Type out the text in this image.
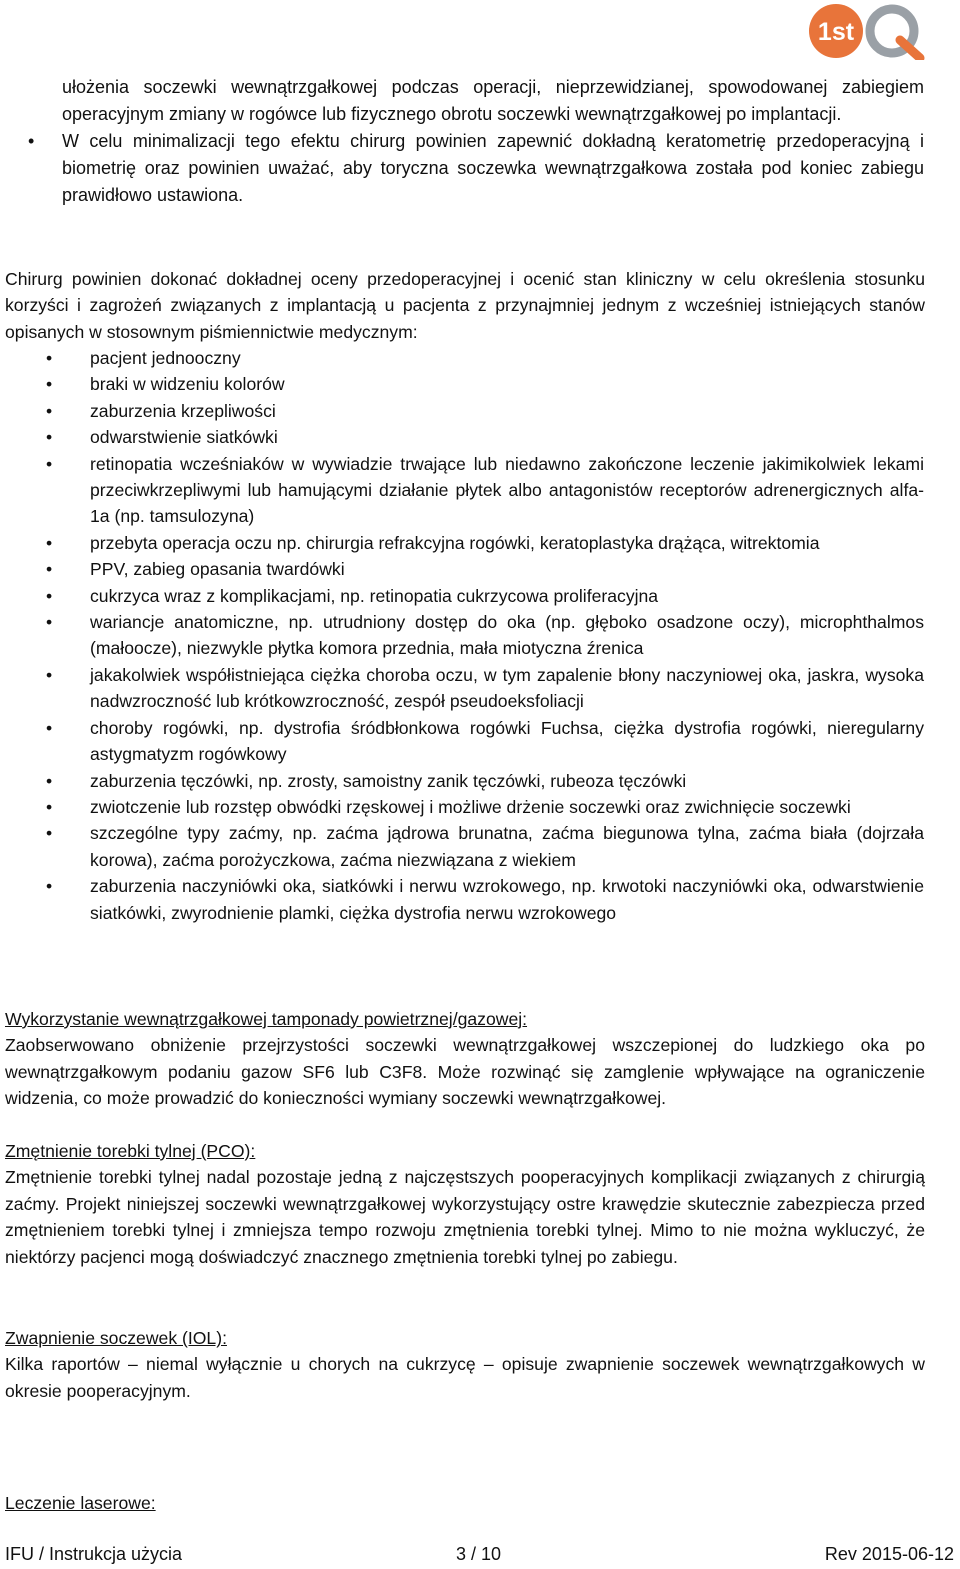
1st
ułożenia soczewki wewnątrzgałkowej podczas operacji, nieprzewidzianej, spowodowanej zabiegiem operacyjnym zmiany w rogówce lub fizycznego obrotu soczewki wewnątrzgałkowej po implantacji.
• W celu minimalizacji tego efektu chirurg powinien zapewnić dokładną keratometrię przedoperacyjną i biometrię oraz powinien uważać, aby toryczna soczewka wewnątrzgałkowa została pod koniec zabiegu prawidłowo ustawiona.
Chirurg powinien dokonać dokładnej oceny przedoperacyjnej i ocenić stan kliniczny w celu określenia stosunku korzyści i zagrożeń związanych z implantacją u pacjenta z przynajmniej jednym z wcześniej istniejących stanów opisanych w stosownym piśmiennictwie medycznym:
• pacjent jednooczny
• braki w widzeniu kolorów
• zaburzenia krzepliwości
• odwarstwienie siatkówki
• retinopatia wcześniaków w wywiadzie trwające lub niedawno zakończone leczenie jakimikolwiek lekami przeciwkrzepliwymi lub hamującymi działanie płytek albo antagonistów receptorów adrenergicznych alfa-1a (np. tamsulozyna)
• przebyta operacja oczu np. chirurgia refrakcyjna rogówki, keratoplastyka drążąca, witrektomia
• PPV, zabieg opasania twardówki
• cukrzyca wraz z komplikacjami, np. retinopatia cukrzycowa proliferacyjna
• wariancje anatomiczne, np. utrudniony dostęp do oka (np. głęboko osadzone oczy), microphthalmos (małoocze), niezwykle płytka komora przednia, mała miotyczna źrenica
• jakakolwiek współistniejąca ciężka choroba oczu, w tym zapalenie błony naczyniowej oka, jaskra, wysoka nadwzroczność lub krótkowzroczność, zespół pseudoeksfoliacji
• choroby rogówki, np. dystrofia śródbłonkowa rogówki Fuchsa, ciężka dystrofia rogówki, nieregularny astygmatyzm rogówkowy
• zaburzenia tęczówki, np. zrosty, samoistny zanik tęczówki, rubeoza tęczówki
• zwiotczenie lub rozstęp obwódki rzęskowej i możliwe drżenie soczewki oraz zwichnięcie soczewki
• szczególne typy zaćmy, np. zaćma jądrowa brunatna, zaćma biegunowa tylna, zaćma biała (dojrzała korowa), zaćma porożyczkowa, zaćma niezwiązana z wiekiem
• zaburzenia naczyniówki oka, siatkówki i nerwu wzrokowego, np. krwotoki naczyniówki oka, odwarstwienie siatkówki, zwyrodnienie plamki, ciężka dystrofia nerwu wzrokowego
Wykorzystanie wewnątrzgałkowej tamponady powietrznej/gazowej:
Zaobserwowano obniżenie przejrzystości soczewki wewnątrzgałkowej wszczepionej do ludzkiego oka po wewnątrzgałkowym podaniu gazow SF6 lub C3F8. Może rozwinąć się zamglenie wpływające na ograniczenie widzenia, co może prowadzić do konieczności wymiany soczewki wewnątrzgałkowej.
Zmętnienie torebki tylnej (PCO):
Zmętnienie torebki tylnej nadal pozostaje jedną z najczęstszych pooperacyjnych komplikacji związanych z chirurgią zaćmy. Projekt niniejszej soczewki wewnątrzgałkowej wykorzystujący ostre krawędzie skutecznie zabezpiecza przed zmętnieniem torebki tylnej i zmniejsza tempo rozwoju zmętnienia torebki tylnej. Mimo to nie można wykluczyć, że niektórzy pacjenci mogą doświadczyć znacznego zmętnienia torebki tylnej po zabiegu.
Zwapnienie soczewek (IOL):
Kilka raportów – niemal wyłącznie u chorych na cukrzycę – opisuje zwapnienie soczewek wewnątrzgałkowych w okresie pooperacyjnym.
Leczenie laserowe:
IFU / Instrukcja użycia	3 / 10	Rev 2015-06-12
